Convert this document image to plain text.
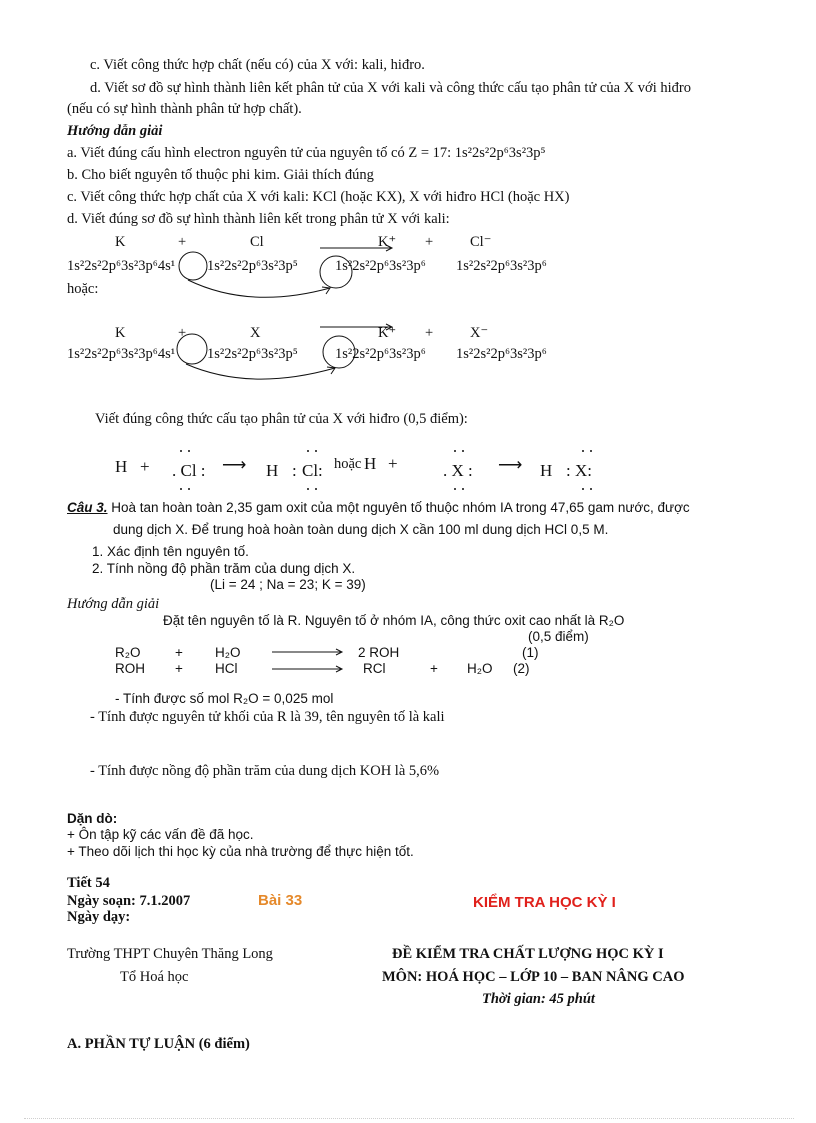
c. Viết công thức hợp chất (nếu có) của X với: kali, hiđro.
d. Viết sơ đồ sự hình thành liên kết phân tử của X với kali và công thức cấu tạo phân tử của X với hiđro
(nếu có sự hình thành phân tử hợp chất).
Hướng dẫn giải
a. Viết đúng cấu hình electron nguyên tử của nguyên tố có Z = 17: 1s²2s²2p⁶3s²3p⁵
b. Cho biết nguyên tố thuộc phi kim. Giải thích đúng
c. Viết công thức hợp chất của X với kali: KCl (hoặc KX), X với hiđro HCl (hoặc HX)
d. Viết đúng sơ đồ sự hình thành liên kết trong phân tử X với kali:
K	+	Cl	K⁺ +	Cl⁻
1s²2s²2p⁶3s²3p⁶4s¹ 1s²2s²2p⁶3s²3p⁵	1s²2s²2p⁶3s²3p⁶ 1s²2s²2p⁶3s²3p⁶
hoặc:
K	+	X	K⁺ +	X⁻
1s²2s²2p⁶3s²3p⁶4s¹ 1s²2s²2p⁶3s²3p⁵	1s²2s²2p⁶3s²3p⁶ 1s²2s²2p⁶3s²3p⁶
Viết đúng công thức cấu tạo phân tử của X với hiđro (0,5 điểm):
H + . Cl : ⟶ H : Cl: hoặc H +	. X : ⟶ H : X:
Câu 3. Hoà tan hoàn toàn 2,35 gam oxit của một nguyên tố thuộc nhóm IA trong 47,65 gam nước, được
dung dịch X. Để trung hoà hoàn toàn dung dịch X cần 100 ml dung dịch HCl 0,5 M.
1. Xác định tên nguyên tố.
2. Tính nồng độ phần trăm của dung dịch X.
(Li = 24 ; Na = 23; K = 39)
Hướng dẫn giải
Đặt tên nguyên tố là R. Nguyên tố ở nhóm IA, công thức oxit cao nhất là R₂O
(0,5 điểm)
R₂O	+ H₂O	2 ROH	(1)
ROH + HCl	RCl	+ H₂O (2)
- Tính được số mol R₂O = 0,025 mol
- Tính được nguyên tử khối của R là 39, tên nguyên tố là kali
- Tính được nồng độ phần trăm của dung dịch KOH là 5,6%
Dặn dò:
+ Ôn tập kỹ các vấn đề đã học.
+ Theo dõi lịch thi học kỳ của nhà trường để thực hiện tốt.
Tiết 54
Ngày soạn: 7.1.2007
Ngày dạy:
Bài 33	KIỂM TRA HỌC KỲ I
Trường THPT Chuyên Thăng Long
Tổ Hoá học
ĐỀ KIỂM TRA CHẤT LƯỢNG HỌC KỲ I
MÔN: HOÁ HỌC – LỚP 10 – BAN NÂNG CAO
Thời gian: 45 phút
A. PHẦN TỰ LUẬN (6 điểm)
